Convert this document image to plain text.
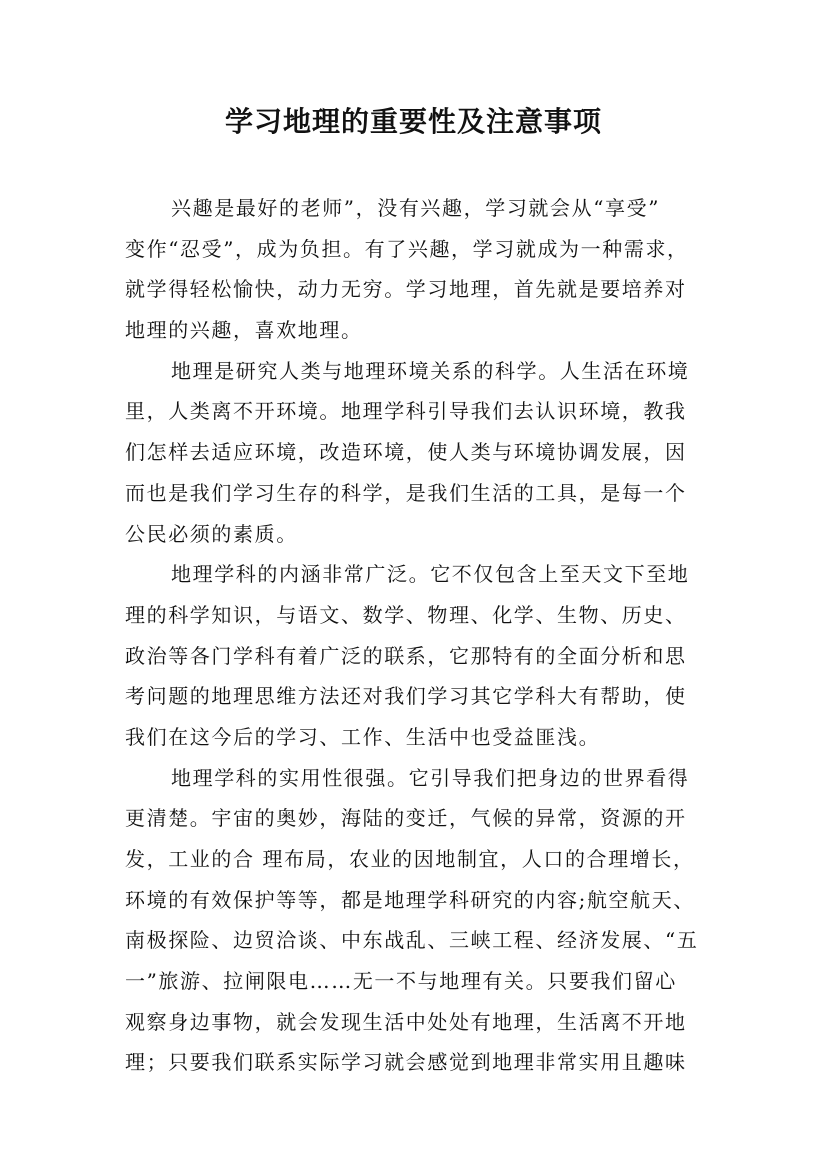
学习地理的重要性及注意事项
兴趣是最好的老师”，没有兴趣，学习就会从“享受”
变作“忍受”，成为负担。有了兴趣，学习就成为一种需求，
就学得轻松愉快，动力无穷。学习地理，首先就是要培养对
地理的兴趣，喜欢地理。
地理是研究人类与地理环境关系的科学。人生活在环境
里，人类离不开环境。地理学科引导我们去认识环境，教我
们怎样去适应环境，改造环境，使人类与环境协调发展，因
而也是我们学习生存的科学，是我们生活的工具，是每一个
公民必须的素质。
地理学科的内涵非常广泛。它不仅包含上至天文下至地
理的科学知识，与语文、数学、物理、化学、生物、历史、
政治等各门学科有着广泛的联系，它那特有的全面分析和思
考问题的地理思维方法还对我们学习其它学科大有帮助，使
我们在这今后的学习、工作、生活中也受益匪浅。
地理学科的实用性很强。它引导我们把身边的世界看得
更清楚。宇宙的奥妙，海陆的变迁，气候的异常，资源的开
发，工业的合 理布局，农业的因地制宜，人口的合理增长，
环境的有效保护等等，都是地理学科研究的内容;航空航天、
南极探险、边贸洽谈、中东战乱、三峡工程、经济发展、“五
一”旅游、拉闸限电……无一不与地理有关。只要我们留心
观察身边事物，就会发现生活中处处有地理，生活离不开地
理；只要我们联系实际学习就会感觉到地理非常实用且趣味
